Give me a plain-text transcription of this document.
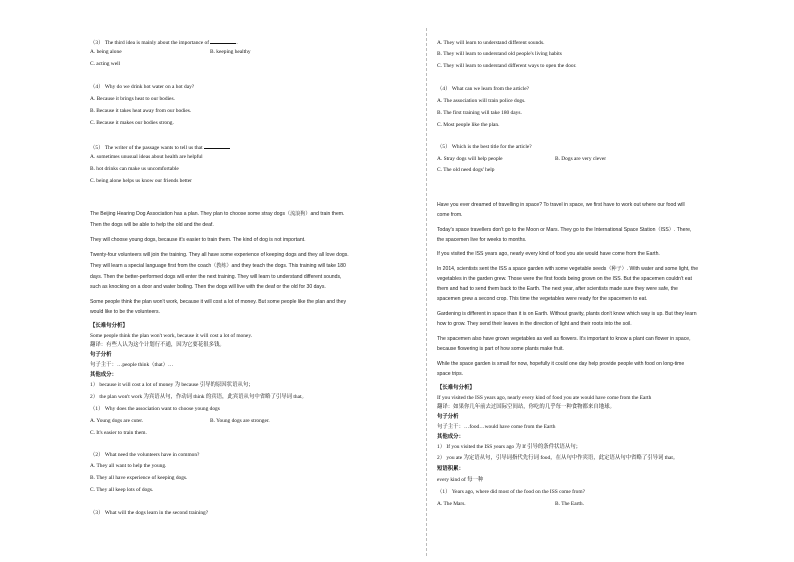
（3） The third idea is mainly about the importance of	.
A. being alone	B. keeping healthy
C. acting well
（4） Why do we drink hot water on a hot day?
A. Because it brings heat to our bodies.
B. Because it takes heat away from our bodies.
C. Because it makes our bodies strong.
（5） The writer of the passage wants to tell us that
A. sometimes unusual ideas about health are helpful
B. hot drinks can make us uncomfortable
C. being alone helps us know our friends better
The Beijing Hearing Dog Association has a plan. They plan to choose some stray dogs（流浪狗）and train them.
Then the dogs will be able to help the old and the deaf.
They will choose young dogs, because it's easier to train them. The kind of dog is not important.
Twenty-four volunteers will join the training. They all have some experience of keeping dogs and they all love dogs.
They will learn a special language first from the coach（教练）and they teach the dogs. This training will take 180
days. Then the better-performed dogs will enter the next training. They will learn to understand different sounds,
such as knocking on a door and water boiling. Then the dogs will live with the deaf or the old for 30 days.
Some people think the plan won't work, because it will cost a lot of money. But some people like the plan and they
would like to be the volunteers.
【长难句分析】
Some people think the plan won't work, because it will cost a lot of money.
翻译：有些人认为这个计划行不通，因为它要花很多钱。
句子分析
句子主干：…people think（that）…
其他成分：
1） because it will cost a lot of money 为 because 引导的原因状语从句；
2） the plan won't work 为宾语从句，作动词 think 的宾语，此宾语从句中省略了引导词 that。
（1） Why does the association want to choose young dogs
A. Young dogs are cuter.	B. Young dogs are stronger.
C. It's easier to train them.
（2） What need the volunteers have in common?
A. They all want to help the young.
B. They all have experience of keeping dogs.
C. They all keep lots of dogs.
（3） What will the dogs learn in the second training?
A. They will learn to understand different sounds.
B. They will learn to understand old people's living habits
C. They will learn to understand different ways to open the door.
（4） What can we learn from the article?
A. The association will train police dogs.
B. The first training will take 180 days.
C. Most people like the plan.
（5） Which is the best title for the article?
A. Stray dogs will help people	B. Dogs are very clever
C. The old need dogs' help
Have you ever dreamed of travelling in space? To travel in space, we first have to work out where our food will
come from.
Today's space travellers don't go to the Moon or Mars. They go to the International Space Station（ISS）. There,
the spacemen live for weeks to months.
If you visited the ISS years ago, nearly every kind of food you ate would have come from the Earth.
In 2014, scientists sent the ISS a space garden with some vegetable seeds（种子）. With water and some light, the
vegetables in the garden grew. Those were the first foods being grown on the ISS. But the spacemen couldn't eat
them and had to send them back to the Earth. The next year, after scientists made sure they were safe, the
spacemen grew a second crop. This time the vegetables were ready for the spacemen to eat.
Gardening is different in space than it is on Earth. Without gravity, plants don't know which way is up. But they learn
how to grow. They send their leaves in the direction of light and their roots into the soil.
The spacemen also have grown vegetables as well as flowers. It's important to know a plant can flower in space,
because flowering is part of how some plants make fruit.
While the space garden is small for now, hopefully it could one day help provide people with food on long-time
space trips.
【长难句分析】
If you visited the ISS years ago, nearly every kind of food you ate would have come from the Earth
翻译：如果你几年前去过国际空间站，你吃的几乎每一种食物都来自地球。
句子分析
句子主干：…food…would have come from the Earth
其他成分：
1） If you visited the ISS years ago 为 If 引导的条件状语从句；
2） you ate 为定语从句，引导词指代先行词 food，在从句中作宾语，此定语从句中省略了引导词 that。
短语积累：
every kind of 每一种
（1） Years ago, where did most of the food on the ISS come from?
A. The Mars.	B. The Earth.
